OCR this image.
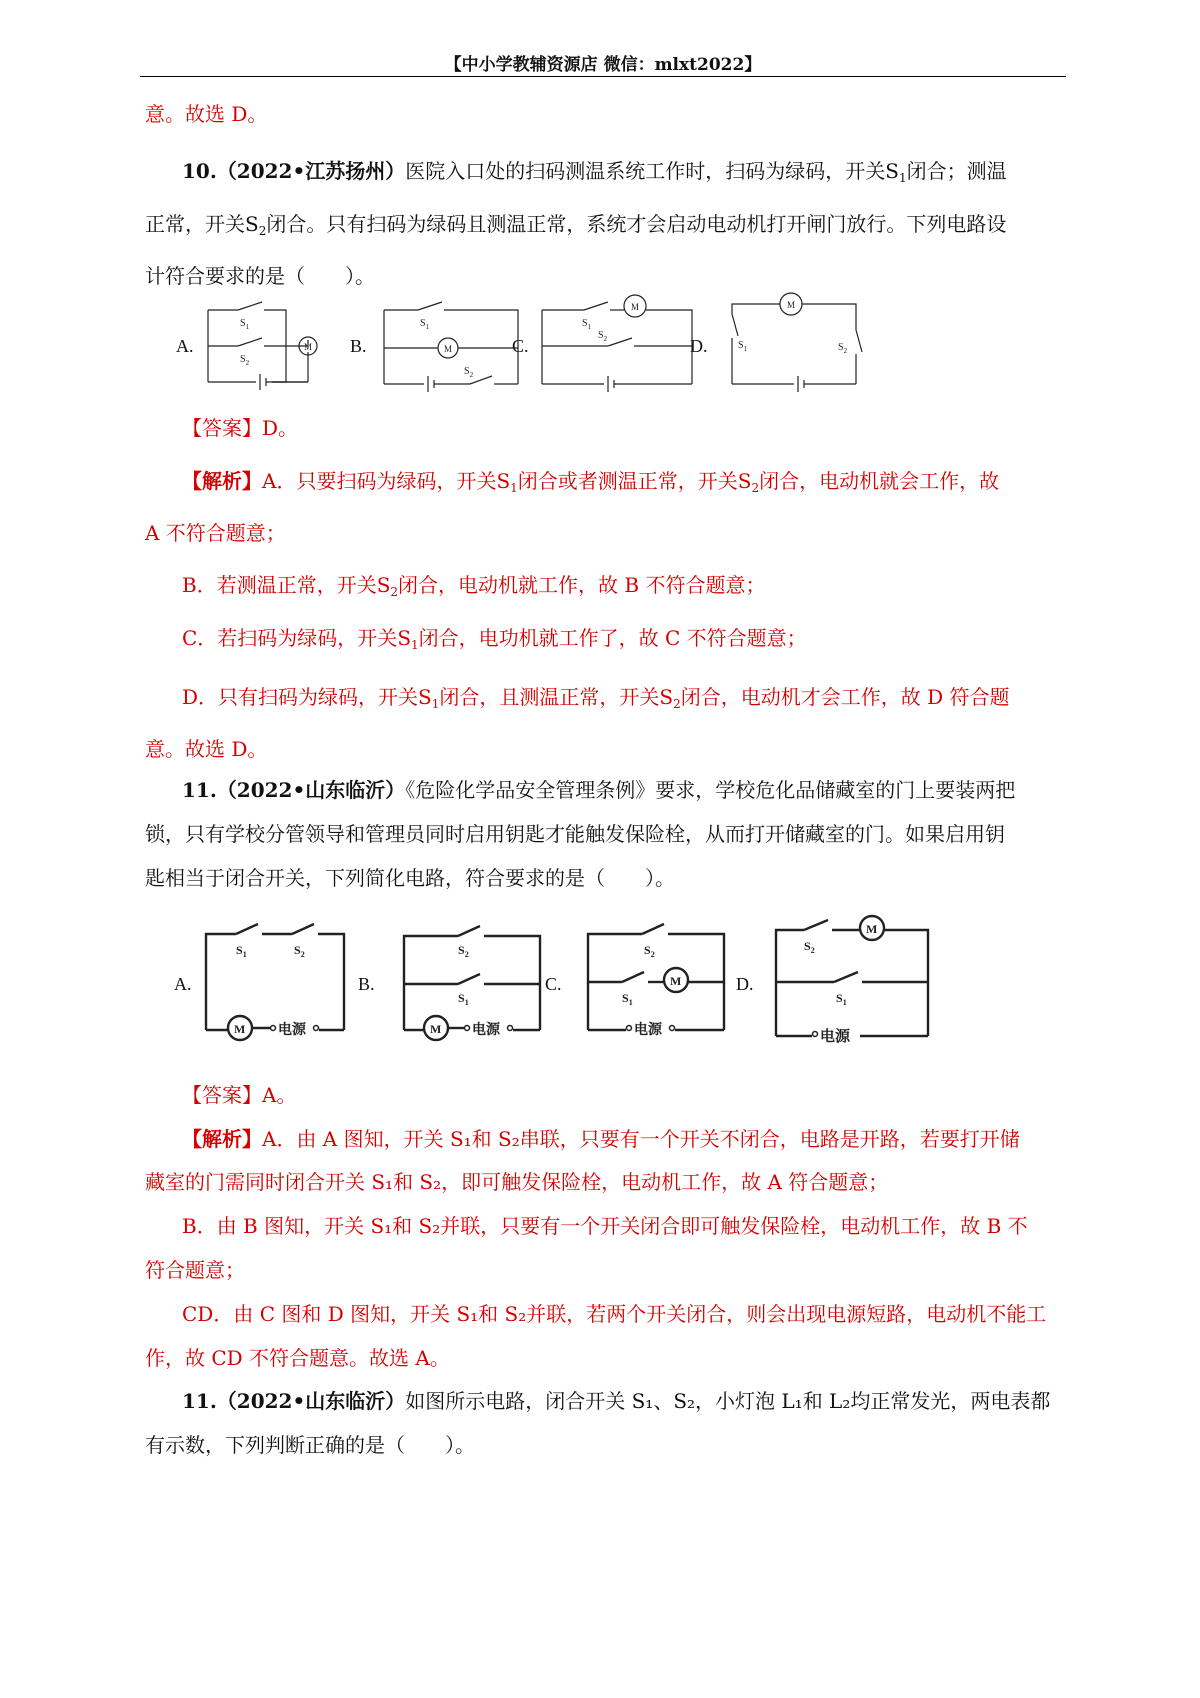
【中小学教辅资源店 微信：mlxt2022】
意。故选 D。
10.（2022•江苏扬州）医院入口处的扫码测温系统工作时，扫码为绿码，开关$S_1$闭合；测温
正常，开关$S_2$闭合。只有扫码为绿码且测温正常，系统才会启动电动机打开闸门放行。下列电路设
计符合要求的是（　　）。
A.	B.	C.	D.
$S_1$
$S_2$
M
$S_1$
$S_2$
M
$S_1$
$S_2$
M
$S_1$	$S_2$
M
【答案】D。
【解析】A．只要扫码为绿码，开关$S_1$闭合或者测温正常，开关$S_2$闭合，电动机就会工作，故
A 不符合题意；
B．若测温正常，开关$S_2$闭合，电动机就工作，故 B 不符合题意；
C．若扫码为绿码，开关$S_1$闭合，电功机就工作了，故 C 不符合题意；
D．只有扫码为绿码，开关$S_1$闭合，且测温正常，开关$S_2$闭合，电动机才会工作，故 D 符合题
意。故选 D。
11.（2022•山东临沂）《危险化学品安全管理条例》要求，学校危化品储藏室的门上要装两把
锁，只有学校分管领导和管理员同时启用钥匙才能触发保险栓，从而打开储藏室的门。如果启用钥
匙相当于闭合开关，下列简化电路，符合要求的是（　　）。
A.	B.	C.	D.
电源
$S_1$	$S_2$
M	电源
$S_2$
$S_1$
M	电源
$S_2$
$S_1$
M
电源
$S_2$
$S_1$
M
【答案】A。
【解析】A．由 A 图知，开关 S₁和 S₂串联，只要有一个开关不闭合，电路是开路，若要打开储
藏室的门需同时闭合开关 S₁和 S₂，即可触发保险栓，电动机工作，故 A 符合题意；
B．由 B 图知，开关 S₁和 S₂并联，只要有一个开关闭合即可触发保险栓，电动机工作，故 B 不
符合题意；
CD．由 C 图和 D 图知，开关 S₁和 S₂并联，若两个开关闭合，则会出现电源短路，电动机不能工
作，故 CD 不符合题意。故选 A。
11.（2022•山东临沂）如图所示电路，闭合开关 S₁、S₂，小灯泡 L₁和 L₂均正常发光，两电表都
有示数，下列判断正确的是（　　）。
